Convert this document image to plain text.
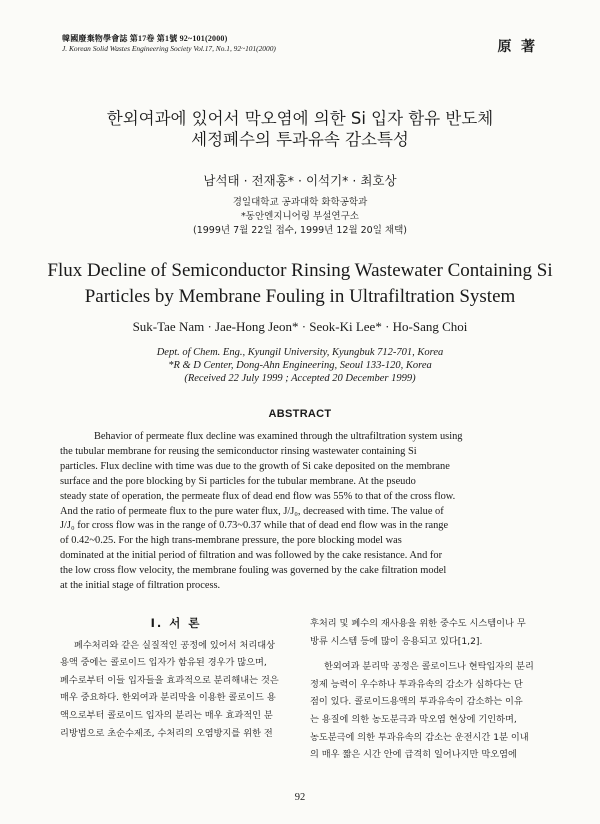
韓國廢棄物學會誌 第17卷 第1號 92~101(2000)
J. Korean Solid Wastes Engineering Society Vol.17, No.1, 92~101(2000)	原 著
한외여과에 있어서 막오염에 의한 Si 입자 함유 반도체
세정폐수의 투과유속 감소특성
남석태 · 전재홍* · 이석기* · 최호상
경일대학교 공과대학 화학공학과
*동안엔지니어링 부설연구소
(1999년 7월 22일 접수, 1999년 12월 20일 채택)
Flux Decline of Semiconductor Rinsing Wastewater Containing Si
Particles by Membrane Fouling in Ultrafiltration System
Suk-Tae Nam · Jae-Hong Jeon* · Seok-Ki Lee* · Ho-Sang Choi
Dept. of Chem. Eng., Kyungil University, Kyungbuk 712-701, Korea
*R & D Center, Dong-Ahn Engineering, Seoul 133-120, Korea
(Received 22 July 1999 ; Accepted 20 December 1999)
ABSTRACT
Behavior of permeate flux decline was examined through the ultrafiltration system using
the tubular membrane for reusing the semiconductor rinsing wastewater containing Si
particles. Flux decline with time was due to the growth of Si cake deposited on the membrane
surface and the pore blocking by Si particles for the tubular membrane. At the pseudo
steady state of operation, the permeate flux of dead end flow was 55% to that of the cross flow.
And the ratio of permeate flux to the pure water flux, J/J₀, decreased with time. The value of
J/J₀ for cross flow was in the range of 0.73~0.37 while that of dead end flow was in the range
of 0.42~0.25. For the high trans-membrane pressure, the pore blocking model was
dominated at the initial period of filtration and was followed by the cake resistance. And for
the low cross flow velocity, the membrane fouling was governed by the cake filtration model
at the initial stage of filtration process.
I. 서 론
폐수처리와 같은 실질적인 공정에 있어서 처리대상
용액 중에는 콜로이드 입자가 함유된 경우가 많으며,
폐수로부터 이들 입자들을 효과적으로 분리해내는 것은
매우 중요하다. 한외여과 분리막을 이용한 콜로이드 용
액으로부터 콜로이드 입자의 분리는 매우 효과적인 분
리방법으로 초순수제조, 수처리의 오염방지를 위한 전
후처리 및 폐수의 재사용을 위한 중수도 시스템이나 무
방류 시스템 등에 많이 응용되고 있다[1,2].
한외여과 분리막 공정은 콜로이드나 현탁입자의 분리
정제 능력이 우수하나 투과유속의 감소가 심하다는 단
점이 있다. 콜로이드용액의 투과유속이 감소하는 이유
는 용질에 의한 농도분극과 막오염 현상에 기인하며,
농도분극에 의한 투과유속의 감소는 운전시간 1분 이내
의 매우 짧은 시간 안에 급격히 일어나지만 막오염에
92
